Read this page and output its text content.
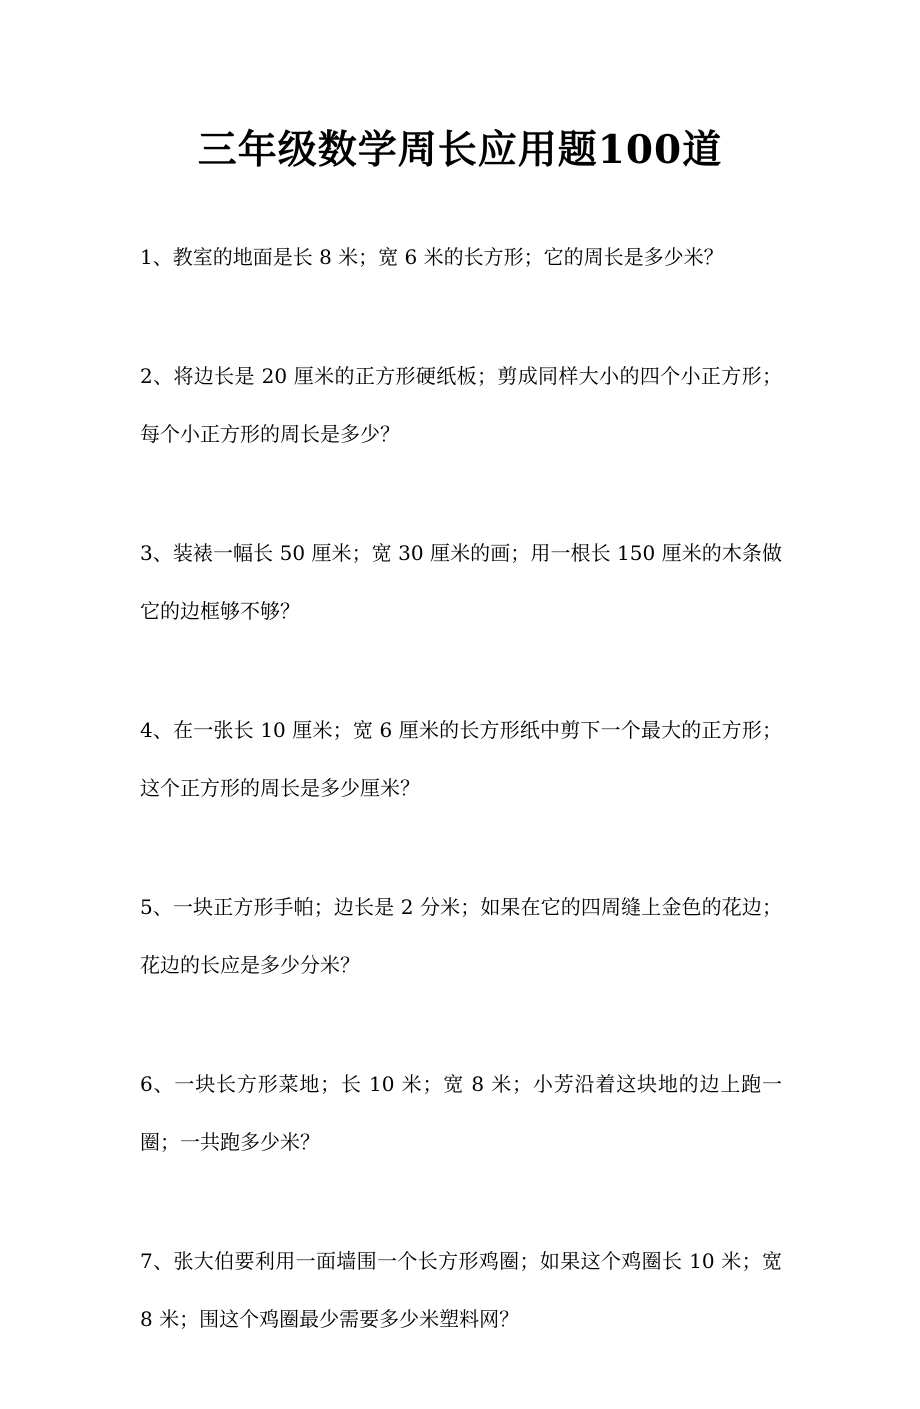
三年级数学周长应用题100道
1、教室的地面是长 8 米；宽 6 米的长方形；它的周长是多少米？
2、将边长是 20 厘米的正方形硬纸板；剪成同样大小的四个小正方形；每个小正方形的周长是多少？
3、装裱一幅长 50 厘米；宽 30 厘米的画；用一根长 150 厘米的木条做它的边框够不够？
4、在一张长 10 厘米；宽 6 厘米的长方形纸中剪下一个最大的正方形；这个正方形的周长是多少厘米？
5、一块正方形手帕；边长是 2 分米；如果在它的四周缝上金色的花边；花边的长应是多少分米？
6、一块长方形菜地；长 10 米；宽 8 米；小芳沿着这块地的边上跑一圈；一共跑多少米？
7、张大伯要利用一面墙围一个长方形鸡圈；如果这个鸡圈长 10 米；宽 8 米；围这个鸡圈最少需要多少米塑料网？
